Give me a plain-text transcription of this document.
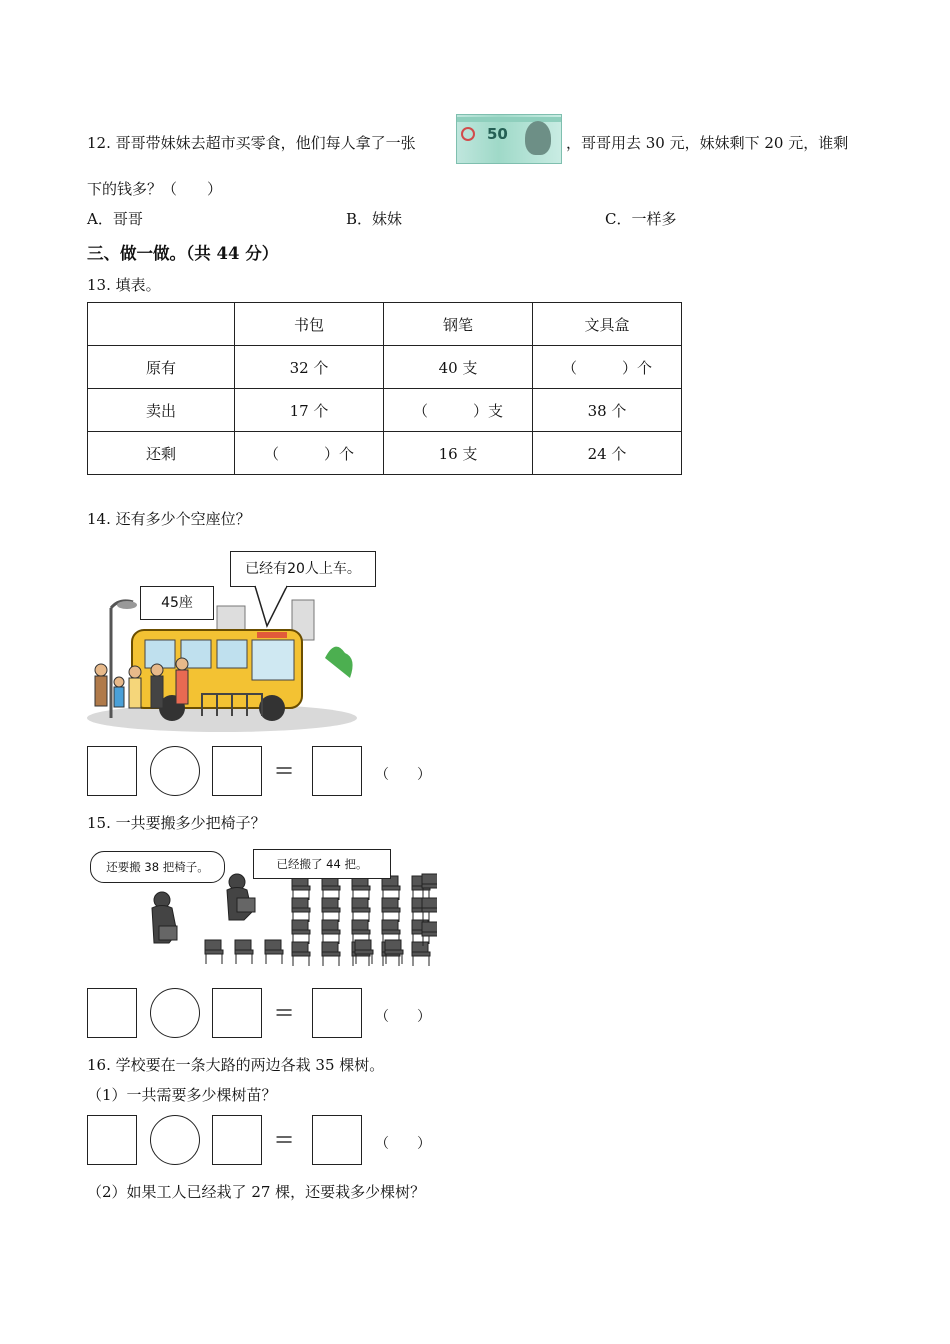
12. 哥哥带妹妹去超市买零食，他们每人拿了一张	50	，哥哥用去 30 元，妹妹剩下 20 元，谁剩
下的钱多？（　　）
A．哥哥	B．妹妹	C．一样多
三、做一做。（共 44 分）
13. 填表。
	书包	钢笔	文具盒
原有	32 个	40 支	（　　　）个
卖出	17 个	（　　　）支	38 个
还剩	（　　　）个	16 支	24 个
14. 还有多少个空座位？
45座
已经有20人上车。
=	（　　）
15. 一共要搬多少把椅子？
还要搬 38 把椅子。	已经搬了 44 把。
=	（　　）
16. 学校要在一条大路的两边各栽 35 棵树。
（1）一共需要多少棵树苗？
=	（　　）
（2）如果工人已经栽了 27 棵，还要栽多少棵树？
